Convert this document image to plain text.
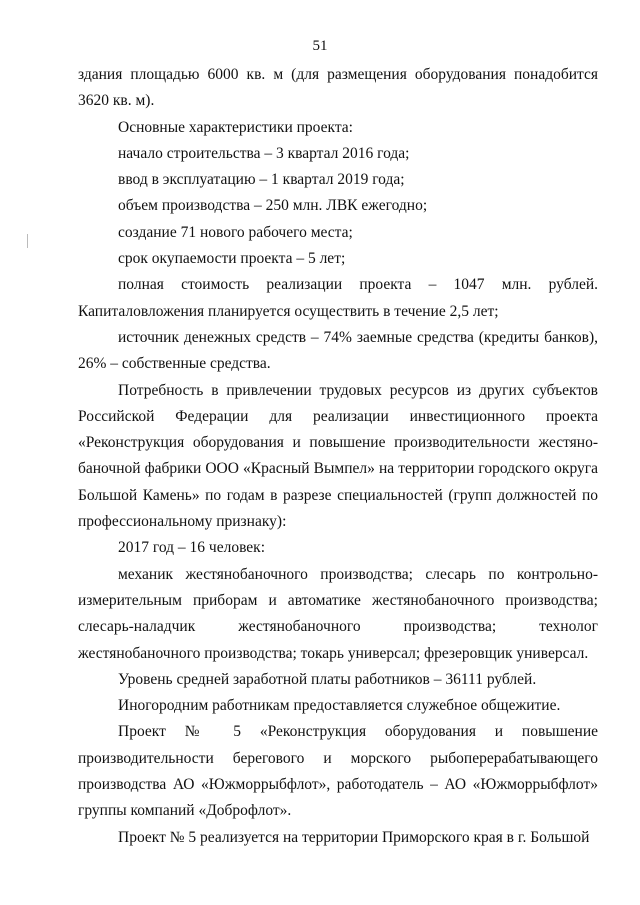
51

здания площадью 6000 кв. м (для размещения оборудования понадобится 3620 кв. м).

Основные характеристики проекта:

начало строительства – 3 квартал 2016 года;

ввод в эксплуатацию – 1 квартал 2019 года;

объем производства – 250 млн. ЛВК ежегодно;

создание 71 нового рабочего места;

срок окупаемости проекта – 5 лет;

полная стоимость реализации проекта – 1047 млн. рублей. Капиталовложения планируется осуществить в течение 2,5 лет;

источник денежных средств – 74% заемные средства (кредиты банков), 26% – собственные средства.

Потребность в привлечении трудовых ресурсов из других субъектов Российской Федерации для реализации инвестиционного проекта «Реконструкция оборудования и повышение производительности жестяно-баночной фабрики ООО «Красный Вымпел» на территории городского округа Большой Камень» по годам в разрезе специальностей (групп должностей по профессиональному признаку):

2017 год – 16 человек:

механик жестянобаночного производства; слесарь по контрольно-измерительным приборам и автоматике жестянобаночного производства; слесарь-наладчик жестянобаночного производства; технолог жестянобаночного производства; токарь универсал; фрезеровщик универсал.

Уровень средней заработной платы работников – 36111 рублей.

Иногородним работникам предоставляется служебное общежитие.

Проект № 5 «Реконструкция оборудования и повышение производительности берегового и морского рыбоперерабатывающего производства АО «Южморрыбфлот», работодатель – АО «Южморрыбфлот» группы компаний «Доброфлот».

Проект № 5 реализуется на территории Приморского края в г. Большой
